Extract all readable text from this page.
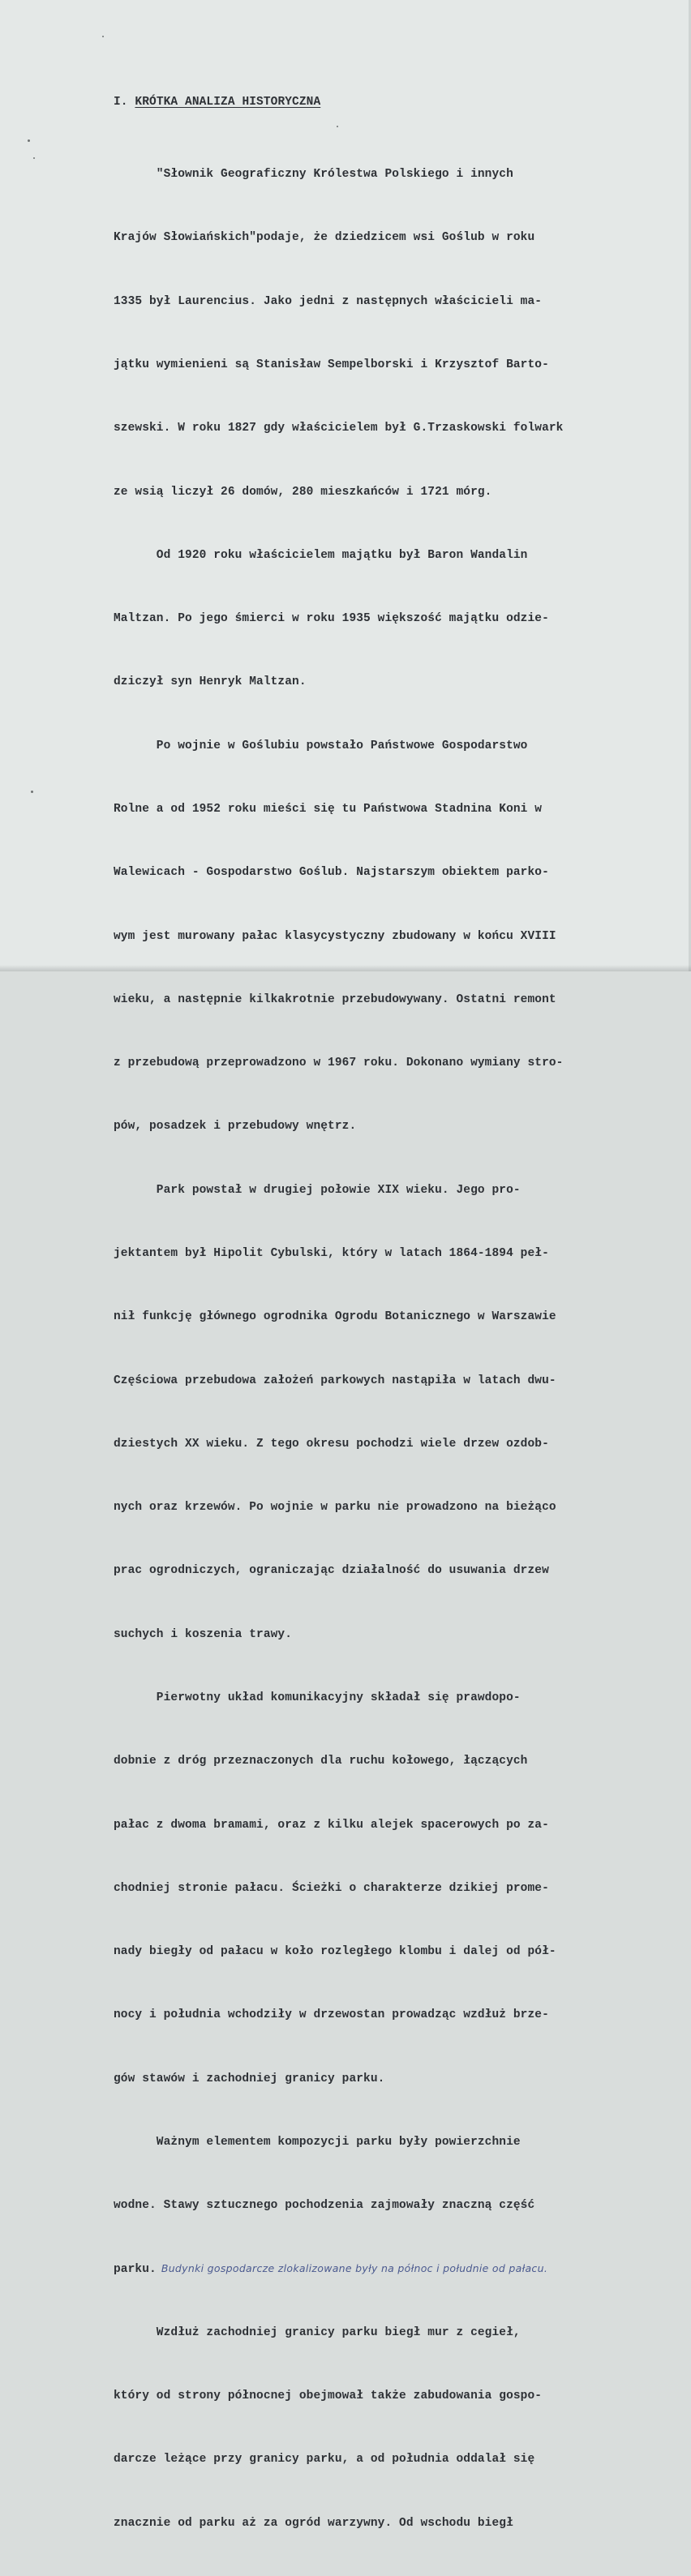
I. KRÓTKA ANALIZA HISTORYCZNA

"Słownik Geograficzny Królestwa Polskiego i innych

Krajów Słowiańskich"podaje, że dziedzicem wsi Goślub w roku

1335 był Laurencius. Jako jedni z następnych właścicieli ma-

jątku wymienieni są Stanisław Sempelborski i Krzysztof Barto-

szewski. W roku 1827 gdy właścicielem był G.Trzaskowski folwark

ze wsią liczył 26 domów, 280 mieszkańców i 1721 mórg.

Od 1920 roku właścicielem majątku był Baron Wandalin

Maltzan. Po jego śmierci w roku 1935 większość majątku odzie-

dziczył syn Henryk Maltzan.

Po wojnie w Goślubiu powstało Państwowe Gospodarstwo

Rolne a od 1952 roku mieści się tu Państwowa Stadnina Koni w

Walewicach - Gospodarstwo Goślub. Najstarszym obiektem parko-

wym jest murowany pałac klasycystyczny zbudowany w końcu XVIII

wieku, a następnie kilkakrotnie przebudowywany. Ostatni remont

z przebudową przeprowadzono w 1967 roku. Dokonano wymiany stro-

pów, posadzek i przebudowy wnętrz.

Park powstał w drugiej połowie XIX wieku. Jego pro-

jektantem był Hipolit Cybulski, który w latach 1864-1894 peł-

nił funkcję głównego ogrodnika Ogrodu Botanicznego w Warszawie

Częściowa przebudowa założeń parkowych nastąpiła w latach dwu-

dziestych XX wieku. Z tego okresu pochodzi wiele drzew ozdob-

nych oraz krzewów. Po wojnie w parku nie prowadzono na bieżąco

prac ogrodniczych, ograniczając działalność do usuwania drzew

suchych i koszenia trawy.

Pierwotny układ komunikacyjny składał się prawdopo-

dobnie z dróg przeznaczonych dla ruchu kołowego, łączących

pałac z dwoma bramami, oraz z kilku alejek spacerowych po za-

chodniej stronie pałacu. Ścieżki o charakterze dzikiej prome-

nady biegły od pałacu w koło rozległego klombu i dalej od pół-

nocy i południa wchodziły w drzewostan prowadząc wzdłuż brze-

gów stawów i zachodniej granicy parku.

Ważnym elementem kompozycji parku były powierzchnie

wodne. Stawy sztucznego pochodzenia zajmowały znaczną część

parku. Budynki gospodarcze zlokalizowane były na północ i południe od pałacu.

Wzdłuż zachodniej granicy parku biegł mur z cegieł,

który od strony północnej obejmował także zabudowania gospo-

darcze leżące przy granicy parku, a od południa oddalał się

znacznie od parku aż za ogród warzywny. Od wschodu biegł
